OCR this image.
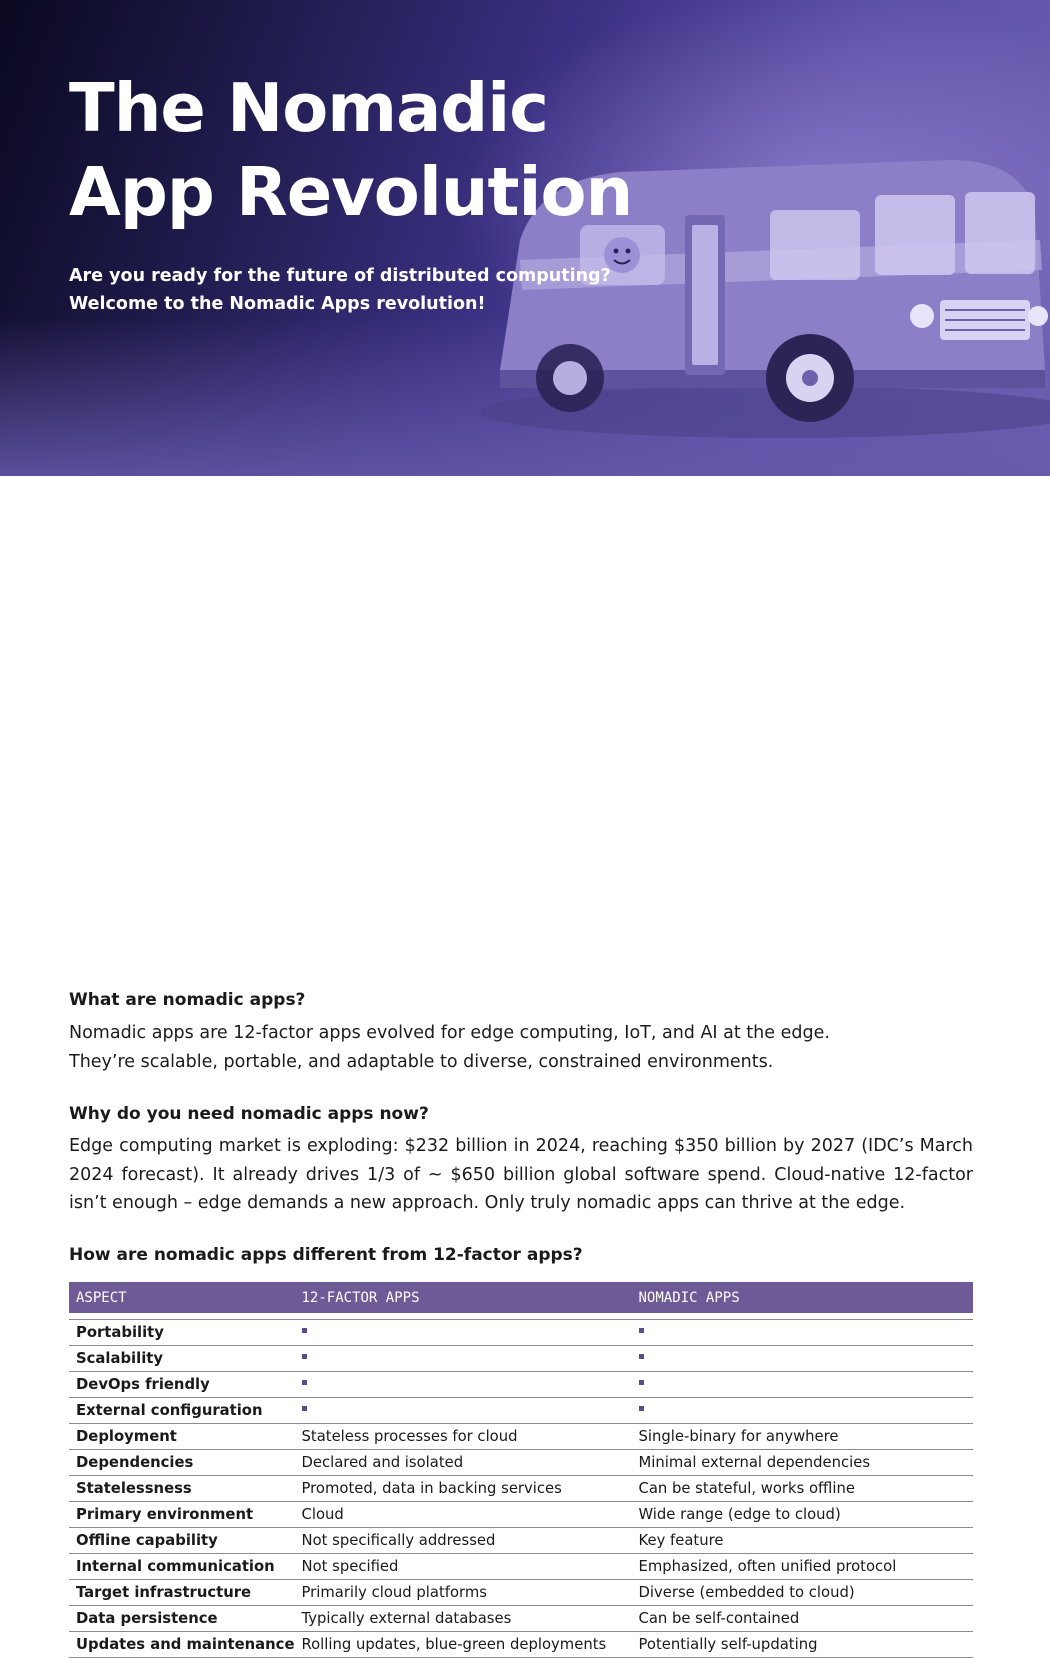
The Nomadic
App Revolution
Are you ready for the future of distributed computing?
Welcome to the Nomadic Apps revolution!
What are nomadic apps?

Nomadic apps are 12-factor apps evolved for edge computing, IoT, and AI at the edge.
They’re scalable, portable, and adaptable to diverse, constrained environments.

Why do you need nomadic apps now?

Edge computing market is exploding: $232 billion in 2024, reaching $350 billion by 2027 (IDC’s March 2024 forecast). It already drives 1/3 of ~ $650 billion global software spend. Cloud-native 12-factor isn’t enough – edge demands a new approach. Only truly nomadic apps can thrive at the edge.

How are nomadic apps different from 12-factor apps?
ASPECT	12-FACTOR APPS	NOMADIC APPS

Portability		
Scalability		
DevOps friendly		
External configuration		
Deployment	Stateless processes for cloud	Single-binary for anywhere
Dependencies	Declared and isolated	Minimal external dependencies
Statelessness	Promoted, data in backing services	Can be stateful, works offline
Primary environment	Cloud	Wide range (edge to cloud)
Offline capability	Not specifically addressed	Key feature
Internal communication	Not specified	Emphasized, often unified protocol
Target infrastructure	Primarily cloud platforms	Diverse (embedded to cloud)
Data persistence	Typically external databases	Can be self-contained
Updates and maintenance	Rolling updates, blue-green deployments	Potentially self-updating
